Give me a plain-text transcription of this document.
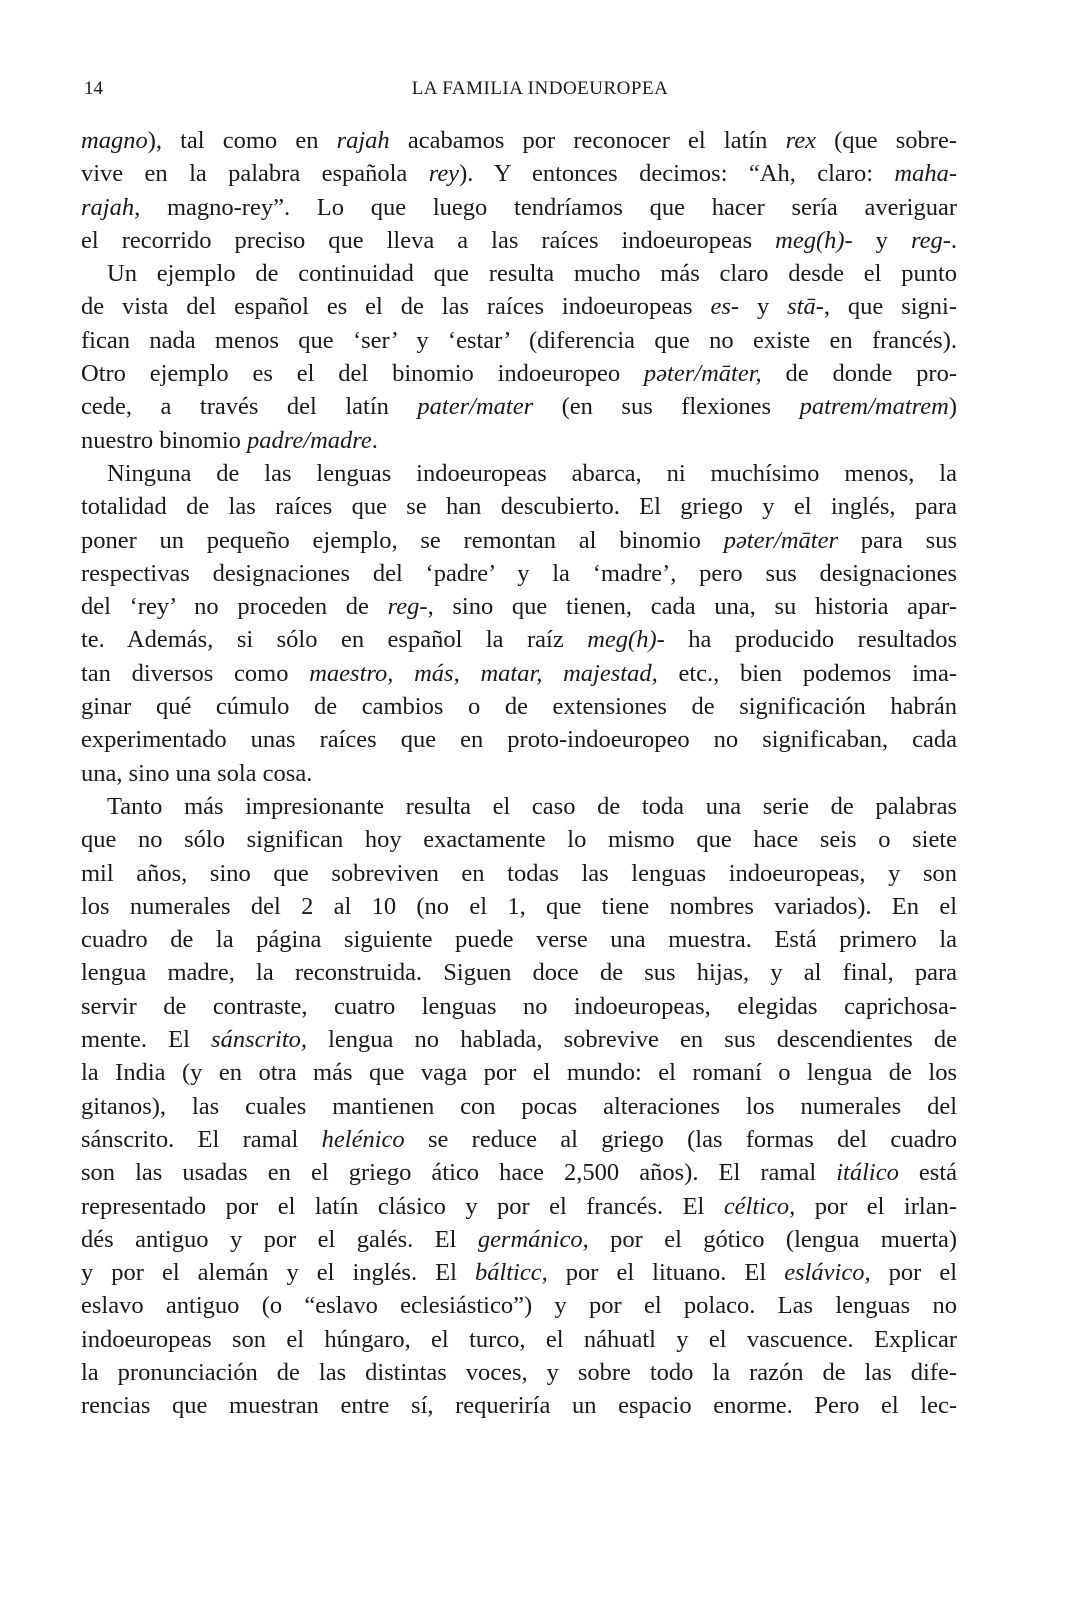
14	LA FAMILIA INDOEUROPEA
magno), tal como en rajah acabamos por reconocer el latín rex (que sobre-
vive en la palabra española rey). Y entonces decimos: “Ah, claro: maha-
rajah, magno-rey”. Lo que luego tendríamos que hacer sería averiguar
el recorrido preciso que lleva a las raíces indoeuropeas meg(h)- y reg-.
Un ejemplo de continuidad que resulta mucho más claro desde el punto
de vista del español es el de las raíces indoeuropeas es- y stā-, que signi-
fican nada menos que ‘ser’ y ‘estar’ (diferencia que no existe en francés).
Otro ejemplo es el del binomio indoeuropeo pəter/māter, de donde pro-
cede, a través del latín pater/mater (en sus flexiones patrem/matrem)
nuestro binomio padre/madre.
Ninguna de las lenguas indoeuropeas abarca, ni muchísimo menos, la
totalidad de las raíces que se han descubierto. El griego y el inglés, para
poner un pequeño ejemplo, se remontan al binomio pəter/māter para sus
respectivas designaciones del ‘padre’ y la ‘madre’, pero sus designaciones
del ‘rey’ no proceden de reg-, sino que tienen, cada una, su historia apar-
te. Además, si sólo en español la raíz meg(h)- ha producido resultados
tan diversos como maestro, más, matar, majestad, etc., bien podemos ima-
ginar qué cúmulo de cambios o de extensiones de significación habrán
experimentado unas raíces que en proto-indoeuropeo no significaban, cada
una, sino una sola cosa.
Tanto más impresionante resulta el caso de toda una serie de palabras
que no sólo significan hoy exactamente lo mismo que hace seis o siete
mil años, sino que sobreviven en todas las lenguas indoeuropeas, y son
los numerales del 2 al 10 (no el 1, que tiene nombres variados). En el
cuadro de la página siguiente puede verse una muestra. Está primero la
lengua madre, la reconstruida. Siguen doce de sus hijas, y al final, para
servir de contraste, cuatro lenguas no indoeuropeas, elegidas caprichosa-
mente. El sánscrito, lengua no hablada, sobrevive en sus descendientes de
la India (y en otra más que vaga por el mundo: el romaní o lengua de los
gitanos), las cuales mantienen con pocas alteraciones los numerales del
sánscrito. El ramal helénico se reduce al griego (las formas del cuadro
son las usadas en el griego ático hace 2,500 años). El ramal itálico está
representado por el latín clásico y por el francés. El céltico, por el irlan-
dés antiguo y por el galés. El germánico, por el gótico (lengua muerta)
y por el alemán y el inglés. El bálticc, por el lituano. El eslávico, por el
eslavo antiguo (o “eslavo eclesiástico”) y por el polaco. Las lenguas no
indoeuropeas son el húngaro, el turco, el náhuatl y el vascuence. Explicar
la pronunciación de las distintas voces, y sobre todo la razón de las dife-
rencias que muestran entre sí, requeriría un espacio enorme. Pero el lec-
